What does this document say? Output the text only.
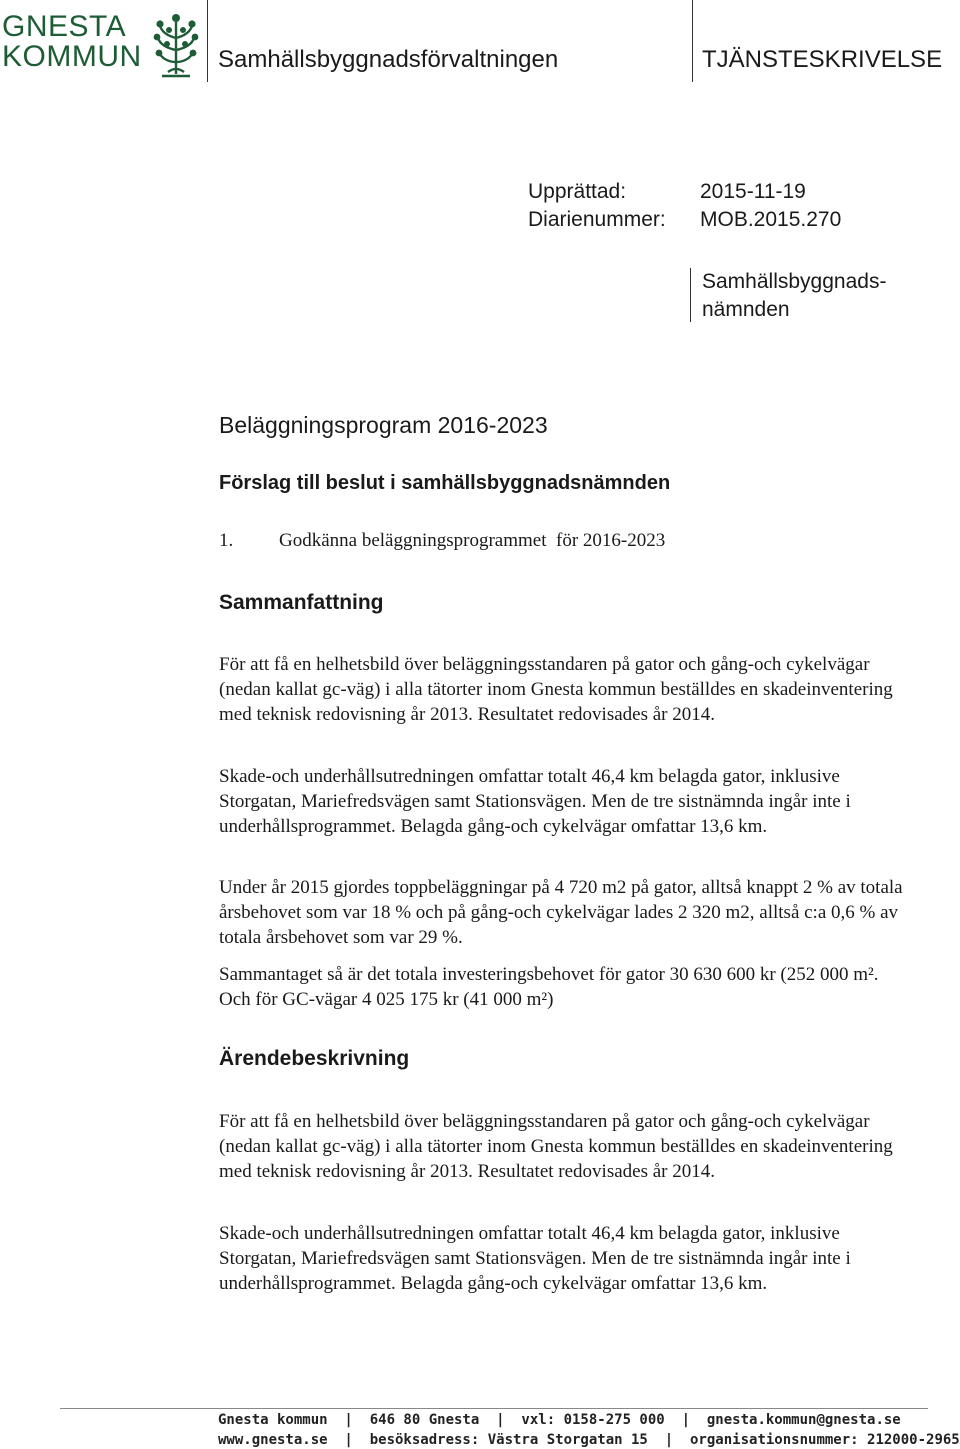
GNESTA
KOMMUN	Samhällsbyggnadsförvaltningen	TJÄNSTESKRIVELSE
Upprättad:	2015-11-19
Diarienummer: MOB.2015.270
Samhällsbyggnads-
nämnden
Beläggningsprogram 2016-2023
Förslag till beslut i samhällsbyggnadsnämnden
1. Godkänna beläggningsprogrammet  för 2016-2023
Sammanfattning

För att få en helhetsbild över beläggningsstandaren på gator och gång-och cykelvägar (nedan kallat gc-väg) i alla tätorter inom Gnesta kommun beställdes en skadeinventering med teknisk redovisning år 2013. Resultatet redovisades år 2014.

Skade-och underhållsutredningen omfattar totalt 46,4 km belagda gator, inklusive Storgatan, Mariefredsvägen samt Stationsvägen. Men de tre sistnämnda ingår inte i underhållsprogrammet. Belagda gång-och cykelvägar omfattar 13,6 km.

Under år 2015 gjordes toppbeläggningar på 4 720 m2 på gator, alltså knappt 2 % av totala årsbehovet som var 18 % och på gång-och cykelvägar lades 2 320 m2, alltså c:a 0,6 % av totala årsbehovet som var 29 %.

Sammantaget så är det totala investeringsbehovet för gator 30 630 600 kr (252 000 m². Och för GC-vägar 4 025 175 kr (41 000 m²)

Ärendebeskrivning

För att få en helhetsbild över beläggningsstandaren på gator och gång-och cykelvägar (nedan kallat gc-väg) i alla tätorter inom Gnesta kommun beställdes en skadeinventering med teknisk redovisning år 2013. Resultatet redovisades år 2014.

Skade-och underhållsutredningen omfattar totalt 46,4 km belagda gator, inklusive Storgatan, Mariefredsvägen samt Stationsvägen. Men de tre sistnämnda ingår inte i underhållsprogrammet. Belagda gång-och cykelvägar omfattar 13,6 km.

Gnesta kommun  |  646 80 Gnesta  |  vxl: 0158-275 000  |  gnesta.kommun@gnesta.se
www.gnesta.se  |  besöksadress: Västra Storgatan 15  |  organisationsnummer: 212000-2965
